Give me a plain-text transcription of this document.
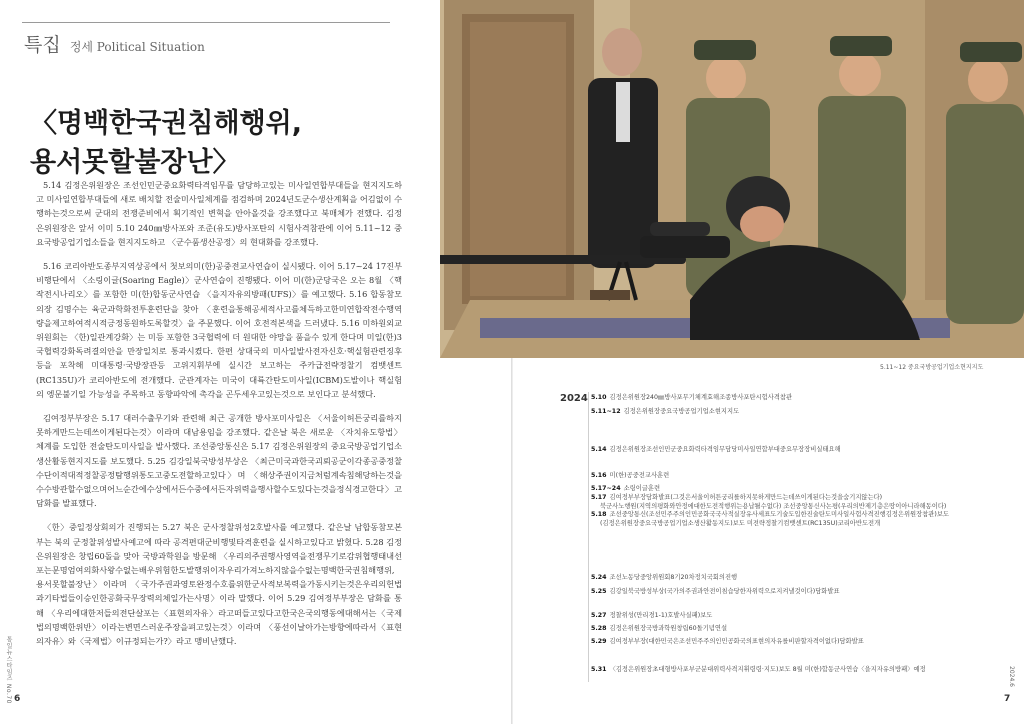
특집 정세 Political Situation
〈명백한국권침해행위,
용서못할불장난〉

5.14 김정은위원장은 조선인민군중요화력타격임무를 담당하고있는 미사일연합부대들을 현지지도하고 미사일연합부대들에 새로 배치할 전술미사일체계를 점검하며 2024년도군수생산계획을 어김없이 수행하는것으로써 군대의 전쟁준비에서 획기적인 변혁을 안아올것을 강조했다고 북매체가 전했다. 김정은위원장은 앞서 이미 5.10 240㎜방사포와 조준(유도)방사포탄의 시험사격참관에 이어 5.11~12 중요국방공업기업소들을 현지지도하고 〈군수품생산공정〉의 현대화를 강조했다.

5.16 코리아반도종부지역상공에서 첫보의미(한)공중전교사연습이 실시됐다. 이어 5.17~24 17진부비행단에서 〈소링이글(Soaring Eagle)〉군사연습이 진행됐다. 이어 미(한)군당국은 오는 8월 〈핵작전시나리오〉를 포함한 미(한)합동군사연습 〈을지자유의방패(UFS)〉를 예고했다. 5.16 합동참모의장 김명수는 육군과학화전투훈련단을 찾아 〈훈련을통해공세적사고를체득하고한미연합작전수행역량을제고하여적시적긍정동원하도록할것〉을 주문했다. 이어 호전적본색을 드러냈다. 5.16 미하원외교위원회는 〈한)일관계강화〉는 미등 포함한 3국협력에 더 원대한 야망을 품을수 있게 한다며 미일(한)3국협력강화독려결의안을 만장일치로 통과시켰다. 한편 상대국의 미사일발사전자신호·핵실험관련징후등을 포착해 미대통령·국방장관등 고위지휘부에 실시간 보고하는 주카급전략정찰기 컴뱃센트(RC135U)가 코리아반도에 전개했다. 군관계자는 미국이 대륙간탄도미사일(ICBM)도발이나 핵실험의 엥문불기일 가능성을 주목하고 동향파악에 촉각을 곤두세우고있는것으로 보인다고 분석했다.

김여정부부장은 5.17 대러수출무기와 관련해 최근 공개한 방사포미사일은 〈서울이허튼궁리를하지못하게만드는데쓰이게된다는것〉이라며 대남용임을 강조했다. 같은날 북은 새로운 〈자치유도항법〉체계를 도입한 전술탄도미사일을 발사했다. 조선중앙통신은 5.17 김정은위원장의 중요국방공업기업소생산활동현지지도를 보도했다. 5.25 김강일북국방성부상은 〈최근미국과한국괴뢰공군이각종공중정찰수단이적대적정찰공정탐행위통도고중도전할하고있다〉며 〈해상주권이지금처럼계속침해당하는것을수수방관할수없으며어느순간에수상에서든수중에서든자위력을행사할수도있다는것을정식경고한다〉고 담화를 발표했다.

〈한〉중일정상회의가 진행되는 5.27 북은 군사정찰위성2호발사를 예고했다. 같은날 남합동참모본부는 북의 군정찰위성발사예고에 따라 공격편대군비행및타격훈련을 실시하고있다고 밝혔다. 5.28 김정은위원장은 창립60돌을 맞아 국방과학원을 방문해 〈우리의주권행사영역을전쟁무기로감위협행태내선포는문명엄여의화사왕수없는배우위험한도발행위이자우리가져노하지않을수없는명백한국권침해행위,용서못할불장난〉이라며 〈국가주권과영토완정수호를위한군사적보복력을가동시키는것은우리의헌법과기타법들이승인한공화국무장력의체일가는사명〉이라 말했다. 이어 5.29 김여정부부장은 담화를 통해 〈우리에대한저들의전단살포는〈표현의자유〉라고떠들고있다고한국은국의행동에대해서는〈국제법의명백한위반〉이라는변면스러운주장을펴고있는것〉이라며 〈풍선이날아가는방향에따라서〈표현의자유〉와〈국제법〉이규정되는가?〉라고 맹비난했다.

통일뉴스타임즈 No.70 6
5.11~12 중요국방공업기업소현지지도
2024 5.10 김정은위원장240㎜방사포무기체계효해조종방사포탄시험사격참관
5.11~12 김정은위원장중요국방공업기업소현지지도
5.14 김정은위원장조선인민군중요화력타격임무담당미사일연합부대중요무장장비실태요해
5.16 미(한)공중전교사훈련
5.17~24 소링이글훈련
5.17 김여정부부장담화발표(그것은서울이허튼궁리를하지못하게만드는데쓰이게된다는것을숨기지않는다)
북군사노행원(지역의평화와안정에대한도전적행위는용납될수없다) 조선중앙통신사논평(우리의반제기층은땅이아니라해동이다)
5.18 조선중앙통신(조선민주주의인민공화국국사적실장유사세표도기술도입한진술탄도미사일사험사격진행김정은위원장참관)보도
(김정은위원장중요국방공업기업소생산활동지도)보도 미전략정찰기컴뱃센트(RC135U)코리아반도전개
5.24 조선노동당중앙위원회8기20차정치국회의진행
5.25 김강일북국방성부상(국가의주권과안전이침습당한자위력으로지켜낼것이다)담화발표
5.27 정찰위성(만리경1-1)호발사실패)보도
5.28 김정은위원장국방과학원창립60돌기념연설
5.29 김여정부부장(대한민국은조선민주주의인민공화국의표현의자유를비판할자격이없다)담화발표
5.31 〈김정은위원장초대형방사포부군분대위력사격지휘령령·지도)보도 8월 미(한)합동군사연습〈을지자유의방패〉예정	2024.6
7
